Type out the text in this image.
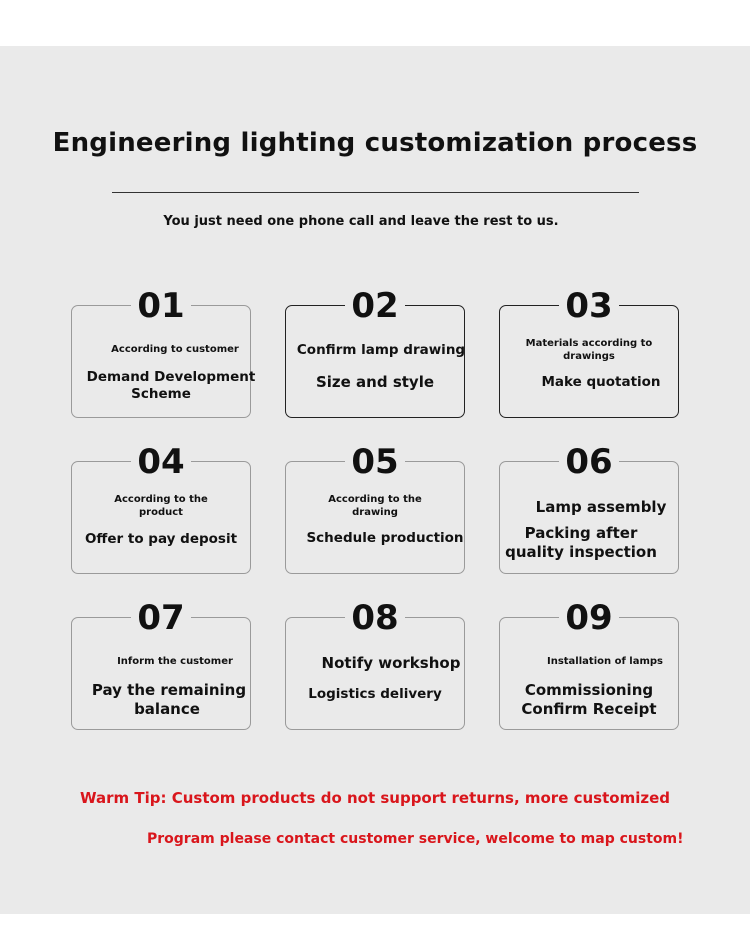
Engineering lighting customization process
You just need one phone call and leave the rest to us.
01
According to customer
Demand Development
Scheme
02
Confirm lamp drawing
Size and style
03
Materials according to
drawings
Make quotation
04
According to the
product
Offer to pay deposit
05
According to the
drawing
Schedule production
06
Lamp assembly
Packing after
quality inspection
07
Inform the customer
Pay the remaining
balance
08
Notify workshop
Logistics delivery
09
Installation of lamps
Commissioning
Confirm Receipt
Warm Tip: Custom products do not support returns, more customized
Program please contact customer service, welcome to map custom!
